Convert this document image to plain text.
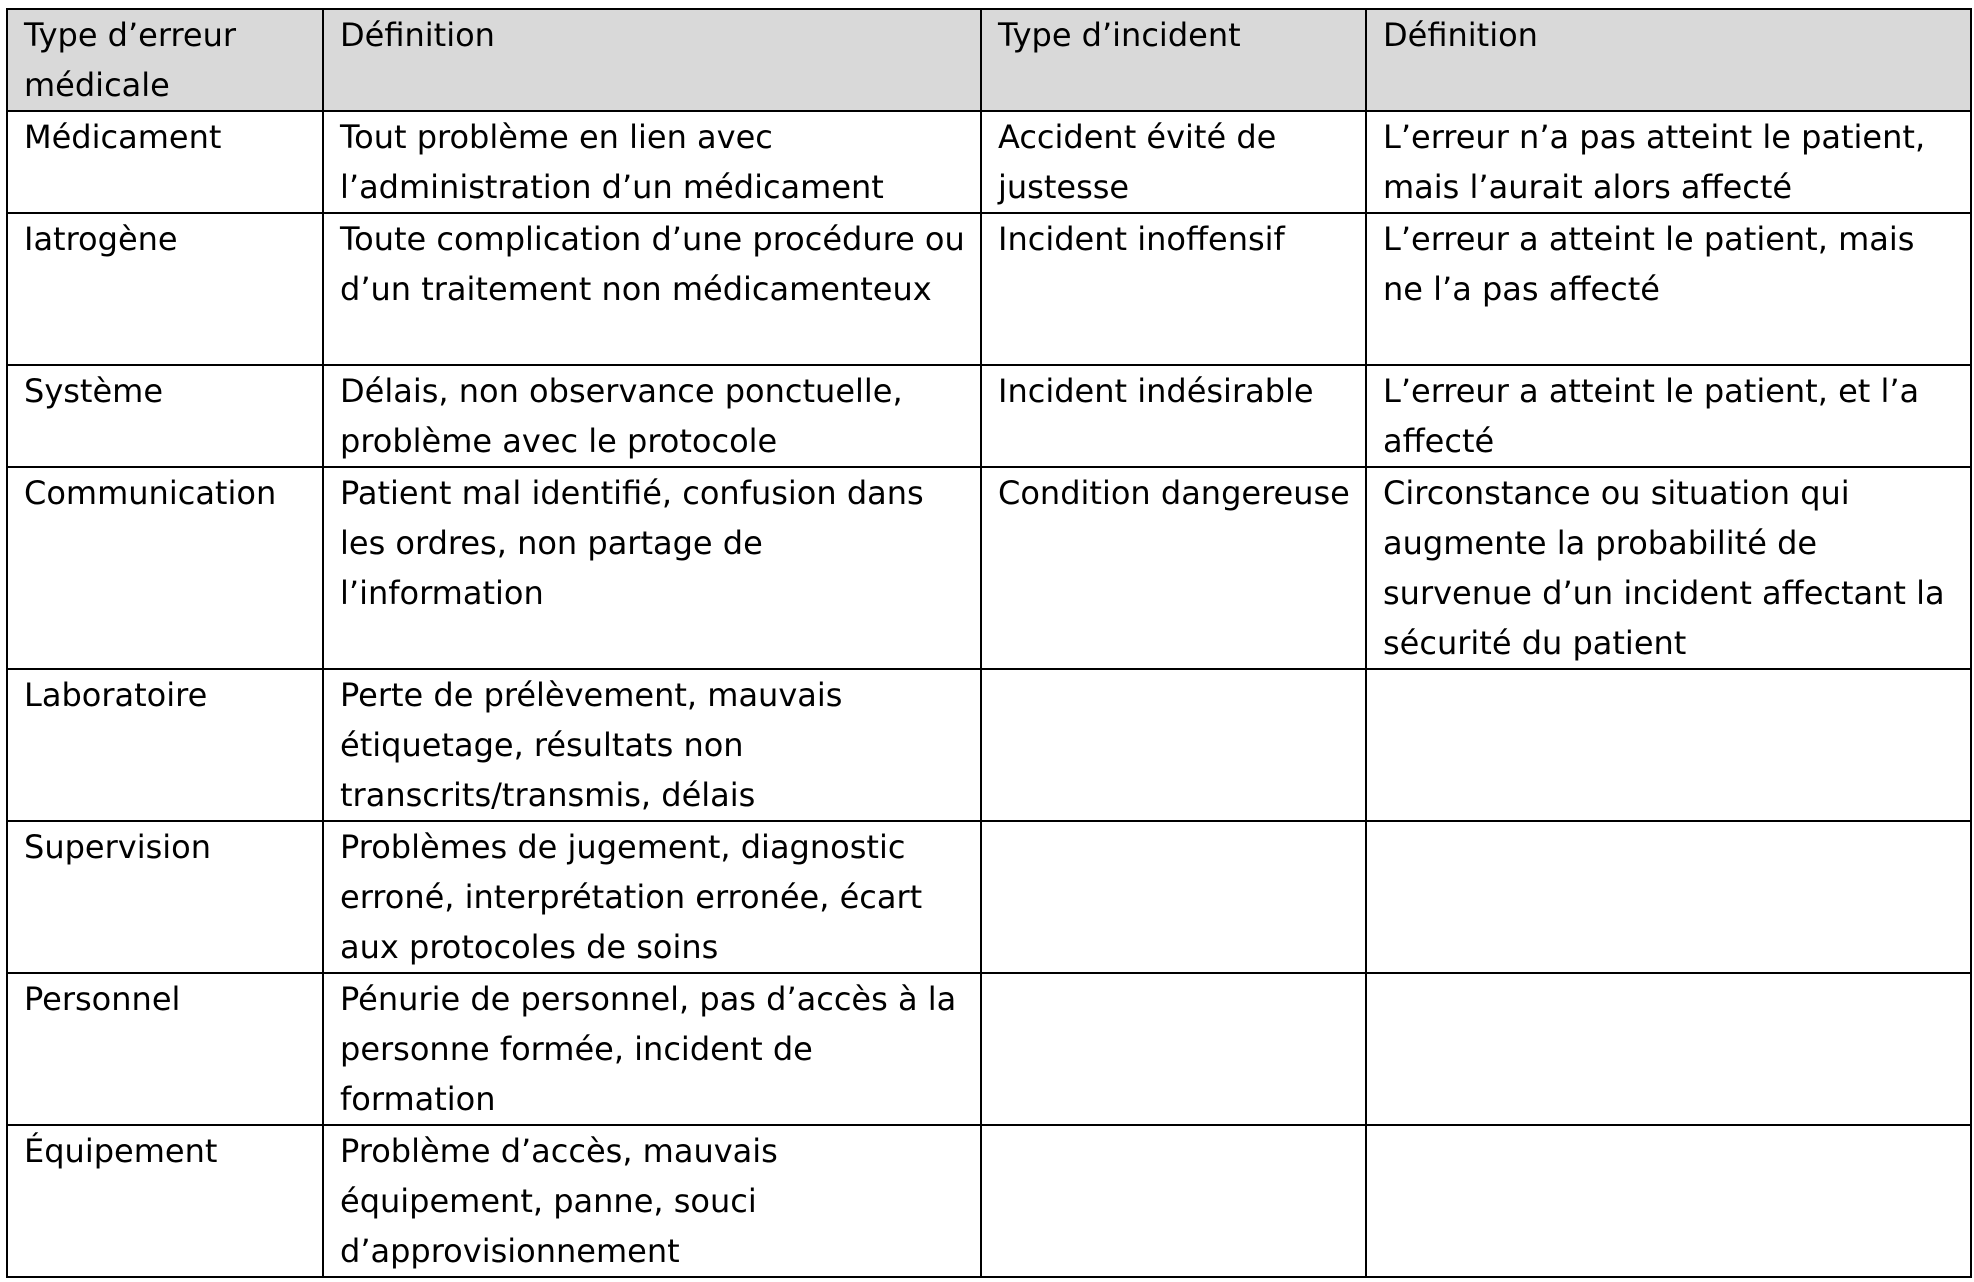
Type d’erreur médicale	Définition	Type d’incident	Définition
Médicament	Tout problème en lien avec l’administration d’un médicament	Accident évité de justesse	L’erreur n’a pas atteint le patient, mais l’aurait alors affecté
Iatrogène	Toute complication d’une procédure ou d’un traitement non médicamenteux	Incident inoffensif	L’erreur a atteint le patient, mais ne l’a pas affecté
Système	Délais, non observance ponctuelle, problème avec le protocole	Incident indésirable	L’erreur a atteint le patient, et l’a affecté
Communication	Patient mal identifié, confusion dans les ordres, non partage de l’information	Condition dangereuse	Circonstance ou situation qui augmente la probabilité de survenue d’un incident affectant la sécurité du patient
Laboratoire	Perte de prélèvement, mauvais étiquetage, résultats non transcrits/transmis, délais		
Supervision	Problèmes de jugement, diagnostic erroné, interprétation erronée, écart aux protocoles de soins		
Personnel	Pénurie de personnel, pas d’accès à la personne formée, incident de formation		
Équipement	Problème d’accès, mauvais équipement, panne, souci d’approvisionnement		
